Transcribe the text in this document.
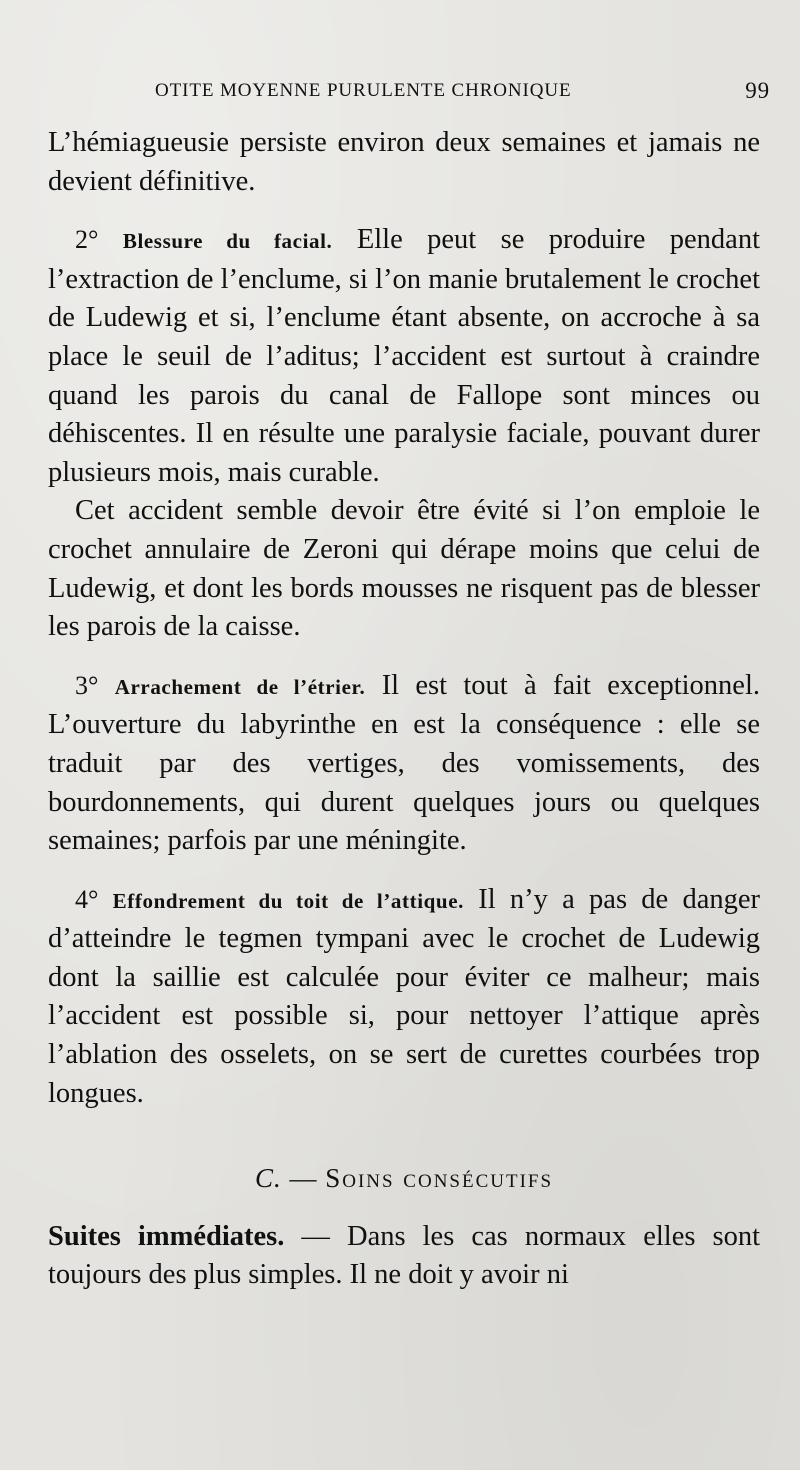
OTITE MOYENNE PURULENTE CHRONIQUE	99

L’hémiagueusie persiste environ deux semaines et jamais ne devient définitive.

2° Blessure du facial. Elle peut se produire pendant l’extraction de l’enclume, si l’on manie brutalement le crochet de Ludewig et si, l’enclume étant absente, on accroche à sa place le seuil de l’aditus; l’accident est surtout à craindre quand les parois du canal de Fallope sont minces ou déhiscentes. Il en résulte une paralysie faciale, pouvant durer plusieurs mois, mais curable.

Cet accident semble devoir être évité si l’on emploie le crochet annulaire de Zeroni qui dérape moins que celui de Ludewig, et dont les bords mousses ne risquent pas de blesser les parois de la caisse.

3° Arrachement de l’étrier. Il est tout à fait exceptionnel. L’ouverture du labyrinthe en est la conséquence : elle se traduit par des vertiges, des vomissements, des bourdonnements, qui durent quelques jours ou quelques semaines; parfois par une méningite.

4° Effondrement du toit de l’attique. Il n’y a pas de danger d’atteindre le tegmen tympani avec le crochet de Ludewig dont la saillie est calculée pour éviter ce malheur; mais l’accident est possible si, pour nettoyer l’attique après l’ablation des osselets, on se sert de curettes courbées trop longues.

C. — Soins consécutifs

Suites immédiates. — Dans les cas normaux elles sont toujours des plus simples. Il ne doit y avoir ni
